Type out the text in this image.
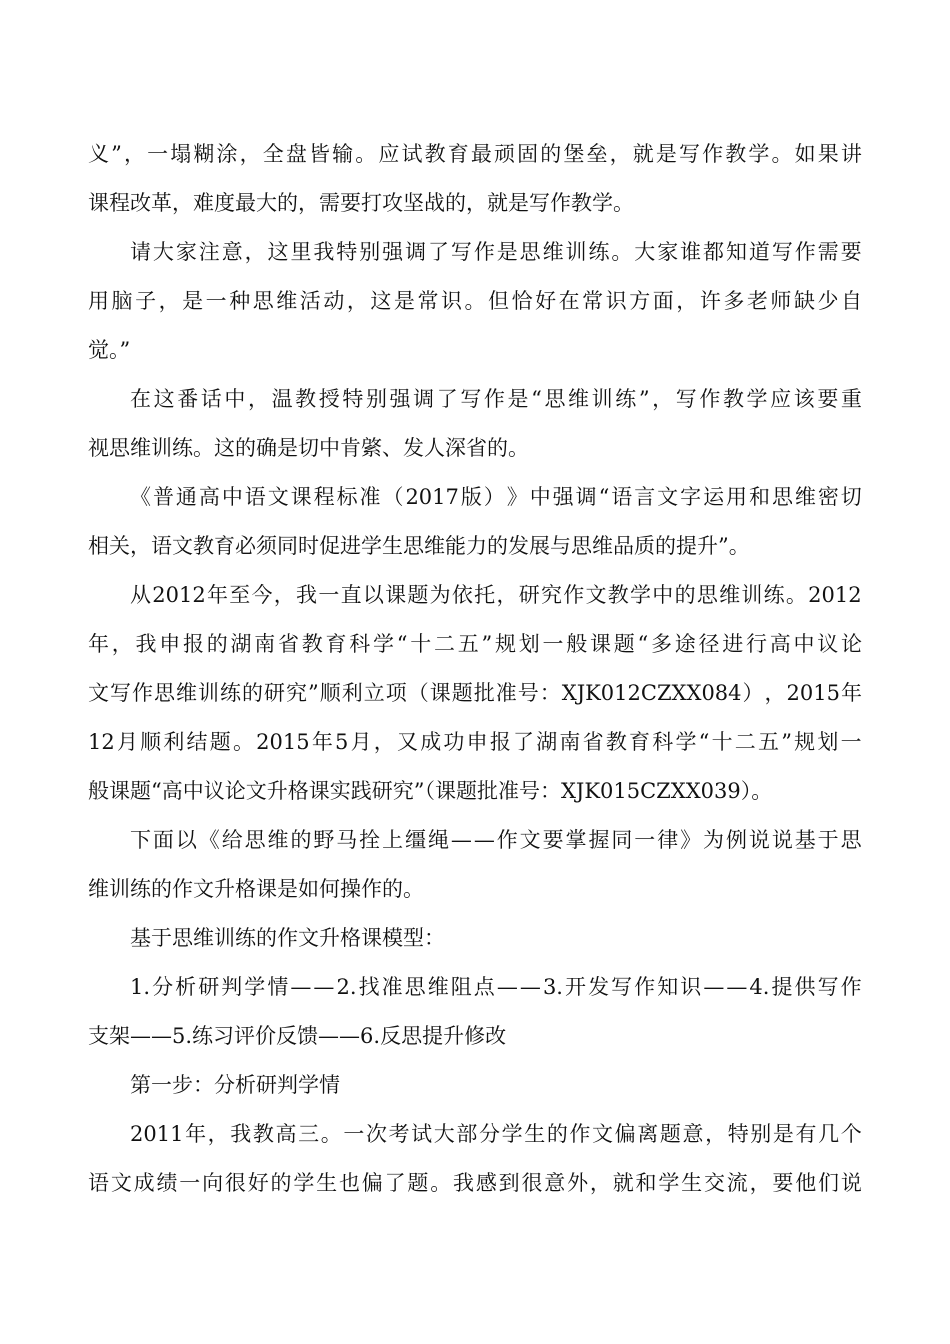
义 ” ， 一 塌 糊 涂 ， 全 盘 皆 输 。 应 试 教 育 最 顽 固 的 堡 垒 ， 就 是 写 作 教 学 。 如 果 讲
课程改革，难度最大的，需要打攻坚战的，就是写作教学。
请 大 家 注 意 ， 这 里 我 特 别 强 调 了 写 作 是 思 维 训 练 。 大 家 谁 都 知 道 写 作 需 要
用 脑 子 ， 是 一 种 思 维 活 动 ， 这 是 常 识 。 但 恰 好 在 常 识 方 面 ， 许 多 老 师 缺 少 自
觉。”
在 这 番 话 中 ， 温 教 授 特 别 强 调 了 写 作 是 “ 思 维 训 练 ” ， 写 作 教 学 应 该 要 重
视思维训练。这的确是切中肯綮、发人深省的。
《 普 通 高 中 语 文 课 程 标 准 （ 2017 版 ） 》 中 强 调 “ 语 言 文 字 运 用 和 思 维 密 切
相关，语文教育必须同时促进学生思维能力的发展与思维品质的提升”。
从 2012 年 至 今 ， 我 一 直 以 课 题 为 依 托 ， 研 究 作 文 教 学 中 的 思 维 训 练 。 2012
年 ， 我 申 报 的 湖 南 省 教 育 科 学 “ 十 二 五 ” 规 划 一 般 课 题 “ 多 途 径 进 行 高 中 议 论
文 写 作 思 维 训 练 的 研 究 ” 顺 利 立 项 （ 课 题 批 准 号 ： XJK012CZXX084 ） ， 2015 年
12 月 顺 利 结 题 。 2015 年 5 月 ， 又 成 功 申 报 了 湖 南 省 教 育 科 学 “ 十 二 五 ” 规 划 一
般课题“高中议论文升格课实践研究”（课题批准号：XJK015CZXX039）。
下 面 以 《 给 思 维 的 野 马 拴 上 缰 绳 — — 作 文 要 掌 握 同 一 律 》 为 例 说 说 基 于 思
维训练的作文升格课是如何操作的。
基于思维训练的作文升格课模型：
1. 分 析 研 判 学 情 — — 2. 找 准 思 维 阻 点 — — 3. 开 发 写 作 知 识 — — 4. 提 供 写 作
支架——5.练习评价反馈——6.反思提升修改
第一步：分析研判学情
2011 年 ， 我 教 高 三 。 一 次 考 试 大 部 分 学 生 的 作 文 偏 离 题 意 ， 特 别 是 有 几 个
语 文 成 绩 一 向 很 好 的 学 生 也 偏 了 题 。 我 感 到 很 意 外 ， 就 和 学 生 交 流 ， 要 他 们 说
